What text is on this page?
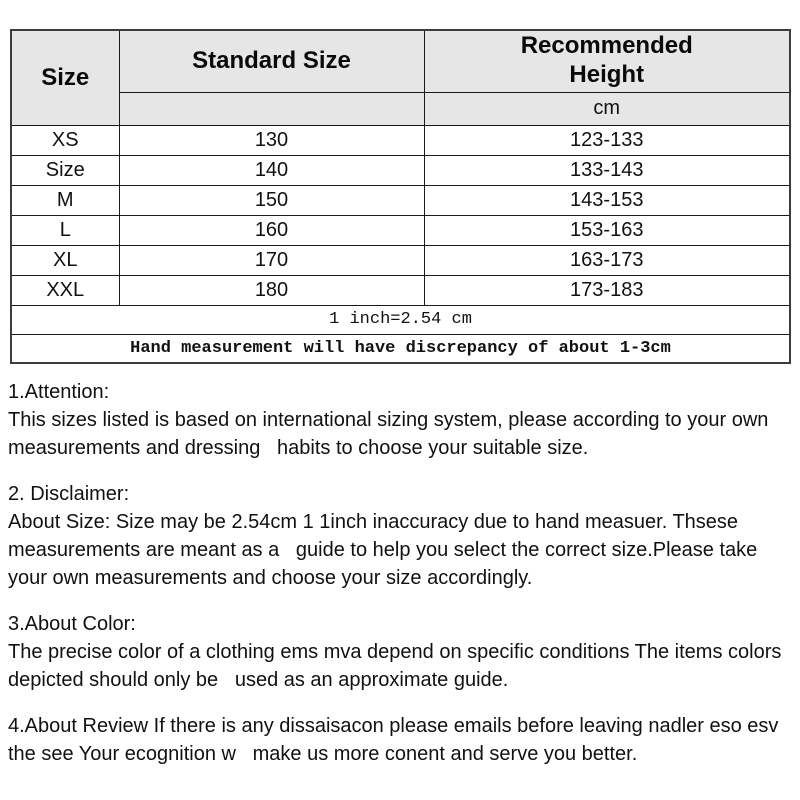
Size	Standard Size	Recommended Height

		cm
XS	130	123-133
Size	140	133-143
M	150	143-153
L	160	153-163
XL	170	163-173
XXL	180	173-183
1 inch=2.54 cm		
Hand measurement will have discrepancy of about 1-3cm		

1.Attention:

This sizes listed is based on international sizing system, please according to your own measurements and dressing   habits to choose your suitable size.

2. Disclaimer:

About Size: Size may be 2.54cm 1 1inch inaccuracy due to hand measuer. Thsese measurements are meant as a   guide to help you select the correct size.Please take your own measurements and choose your size accordingly.

3.About Color:

The precise color of a clothing ems mva depend on specific conditions The items colors depicted should only be   used as an approximate guide.

4.About Review If there is any dissaisacon please emails before leaving nadler eso esv the see Your ecognition w   make us more conent and serve you better.
